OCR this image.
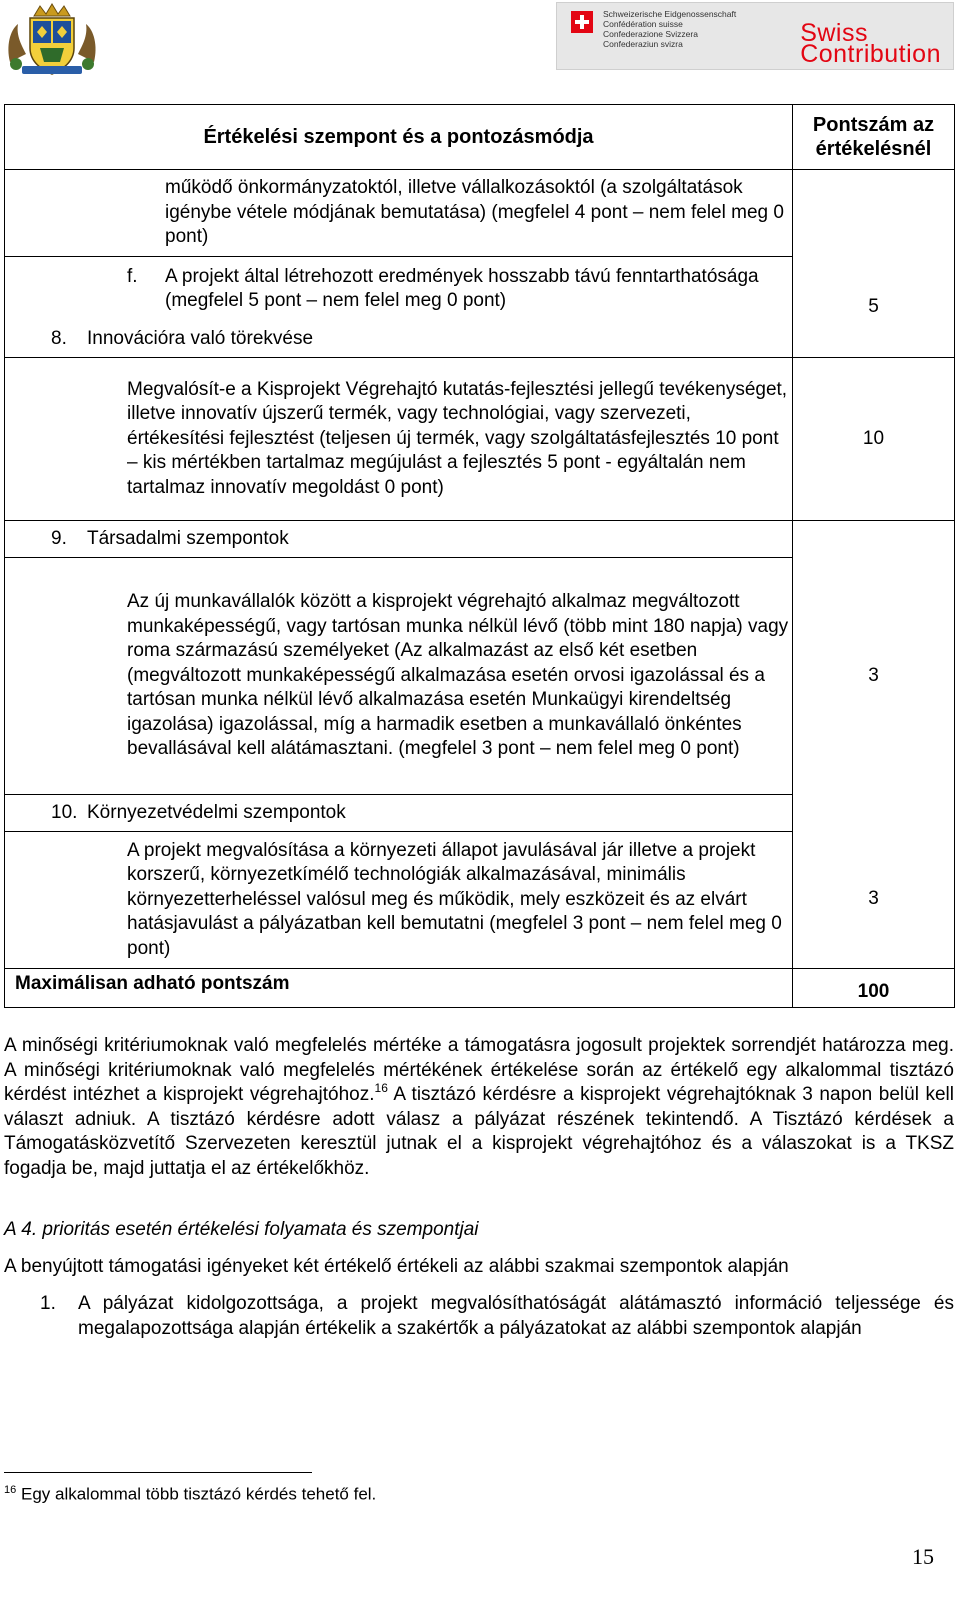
Schweizerische Eidgenossenschaft
Confédération suisse
Confederazione Svizzera
Confederaziun svizra	Swiss
Contribution
Értékelési szempont és a pontozásmódja	Pontszám az értékelésnél
működő önkormányzatoktól, illetve vállalkozásoktól (a szolgáltatások igénybe vétele módjának bemutatása) (megfelel 4 pont – nem felel meg 0 pont)	

f. A projekt által létrehozott eredmények hosszabb távú fenntarthatósága (megfelel 5 pont – nem felel meg 0 pont)	5

8. Innovációra való törekvése	

Megvalósít-e a Kisprojekt Végrehajtó kutatás-fejlesztési jellegű tevékenységet, illetve innovatív újszerű termék, vagy technológiai, vagy szervezeti, értékesítési fejlesztést (teljesen új termék, vagy szolgáltatásfejlesztés 10 pont – kis mértékben tartalmaz megújulást a fejlesztés 5 pont - egyáltalán nem tartalmaz innovatív megoldást 0 pont)	10

9. Társadalmi szempontok	3
Az új munkavállalók között a kisprojekt végrehajtó alkalmaz megváltozott munkaképességű, vagy tartósan munka nélkül lévő (több mint 180 napja) vagy roma származású személyeket (Az alkalmazást az első két esetben (megváltozott munkaképességű alkalmazása esetén orvosi igazolással és a tartósan munka nélkül lévő alkalmazása esetén Munkaügyi kirendeltség igazolása) igazolással, míg a harmadik esetben a munkavállaló önkéntes bevallásával kell alátámasztani. (megfelel 3 pont – nem felel meg 0 pont)	

10. Környezetvédelmi szempontok	3
A projekt megvalósítása a környezeti állapot javulásával jár illetve a projekt korszerű, környezetkímélő technológiák alkalmazásával, minimális környezetterheléssel valósul meg és működik, mely eszközeit és az elvárt hatásjavulást a pályázatban kell bemutatni (megfelel 3 pont – nem felel meg 0 pont)	
Maximálisan adható pontszám	100
A minőségi kritériumoknak való megfelelés mértéke a támogatásra jogosult projektek sorrendjét határozza meg. A minőségi kritériumoknak való megfelelés mértékének értékelése során az értékelő egy alkalommal tisztázó kérdést intézhet a kisprojekt végrehajtóhoz.$^{16}$ A tisztázó kérdésre a kisprojekt végrehajtóknak 3 napon belül kell választ adniuk. A tisztázó kérdésre adott válasz a pályázat részének tekintendő. A Tisztázó kérdések a Támogatásközvetítő Szervezeten keresztül jutnak el a kisprojekt végrehajtóhoz és a válaszokat is a TKSZ fogadja be, majd juttatja el az értékelőkhöz.
A 4. prioritás esetén értékelési folyamata és szempontjai
A benyújtott támogatási igényeket két értékelő értékeli az alábbi szakmai szempontok alapján
1.	A pályázat kidolgozottsága, a projekt megvalósíthatóságát alátámasztó információ teljessége és megalapozottsága alapján értékelik a szakértők a pályázatokat az alábbi szempontok alapján
$^{16}$ Egy alkalommal több tisztázó kérdés tehető fel.
15
